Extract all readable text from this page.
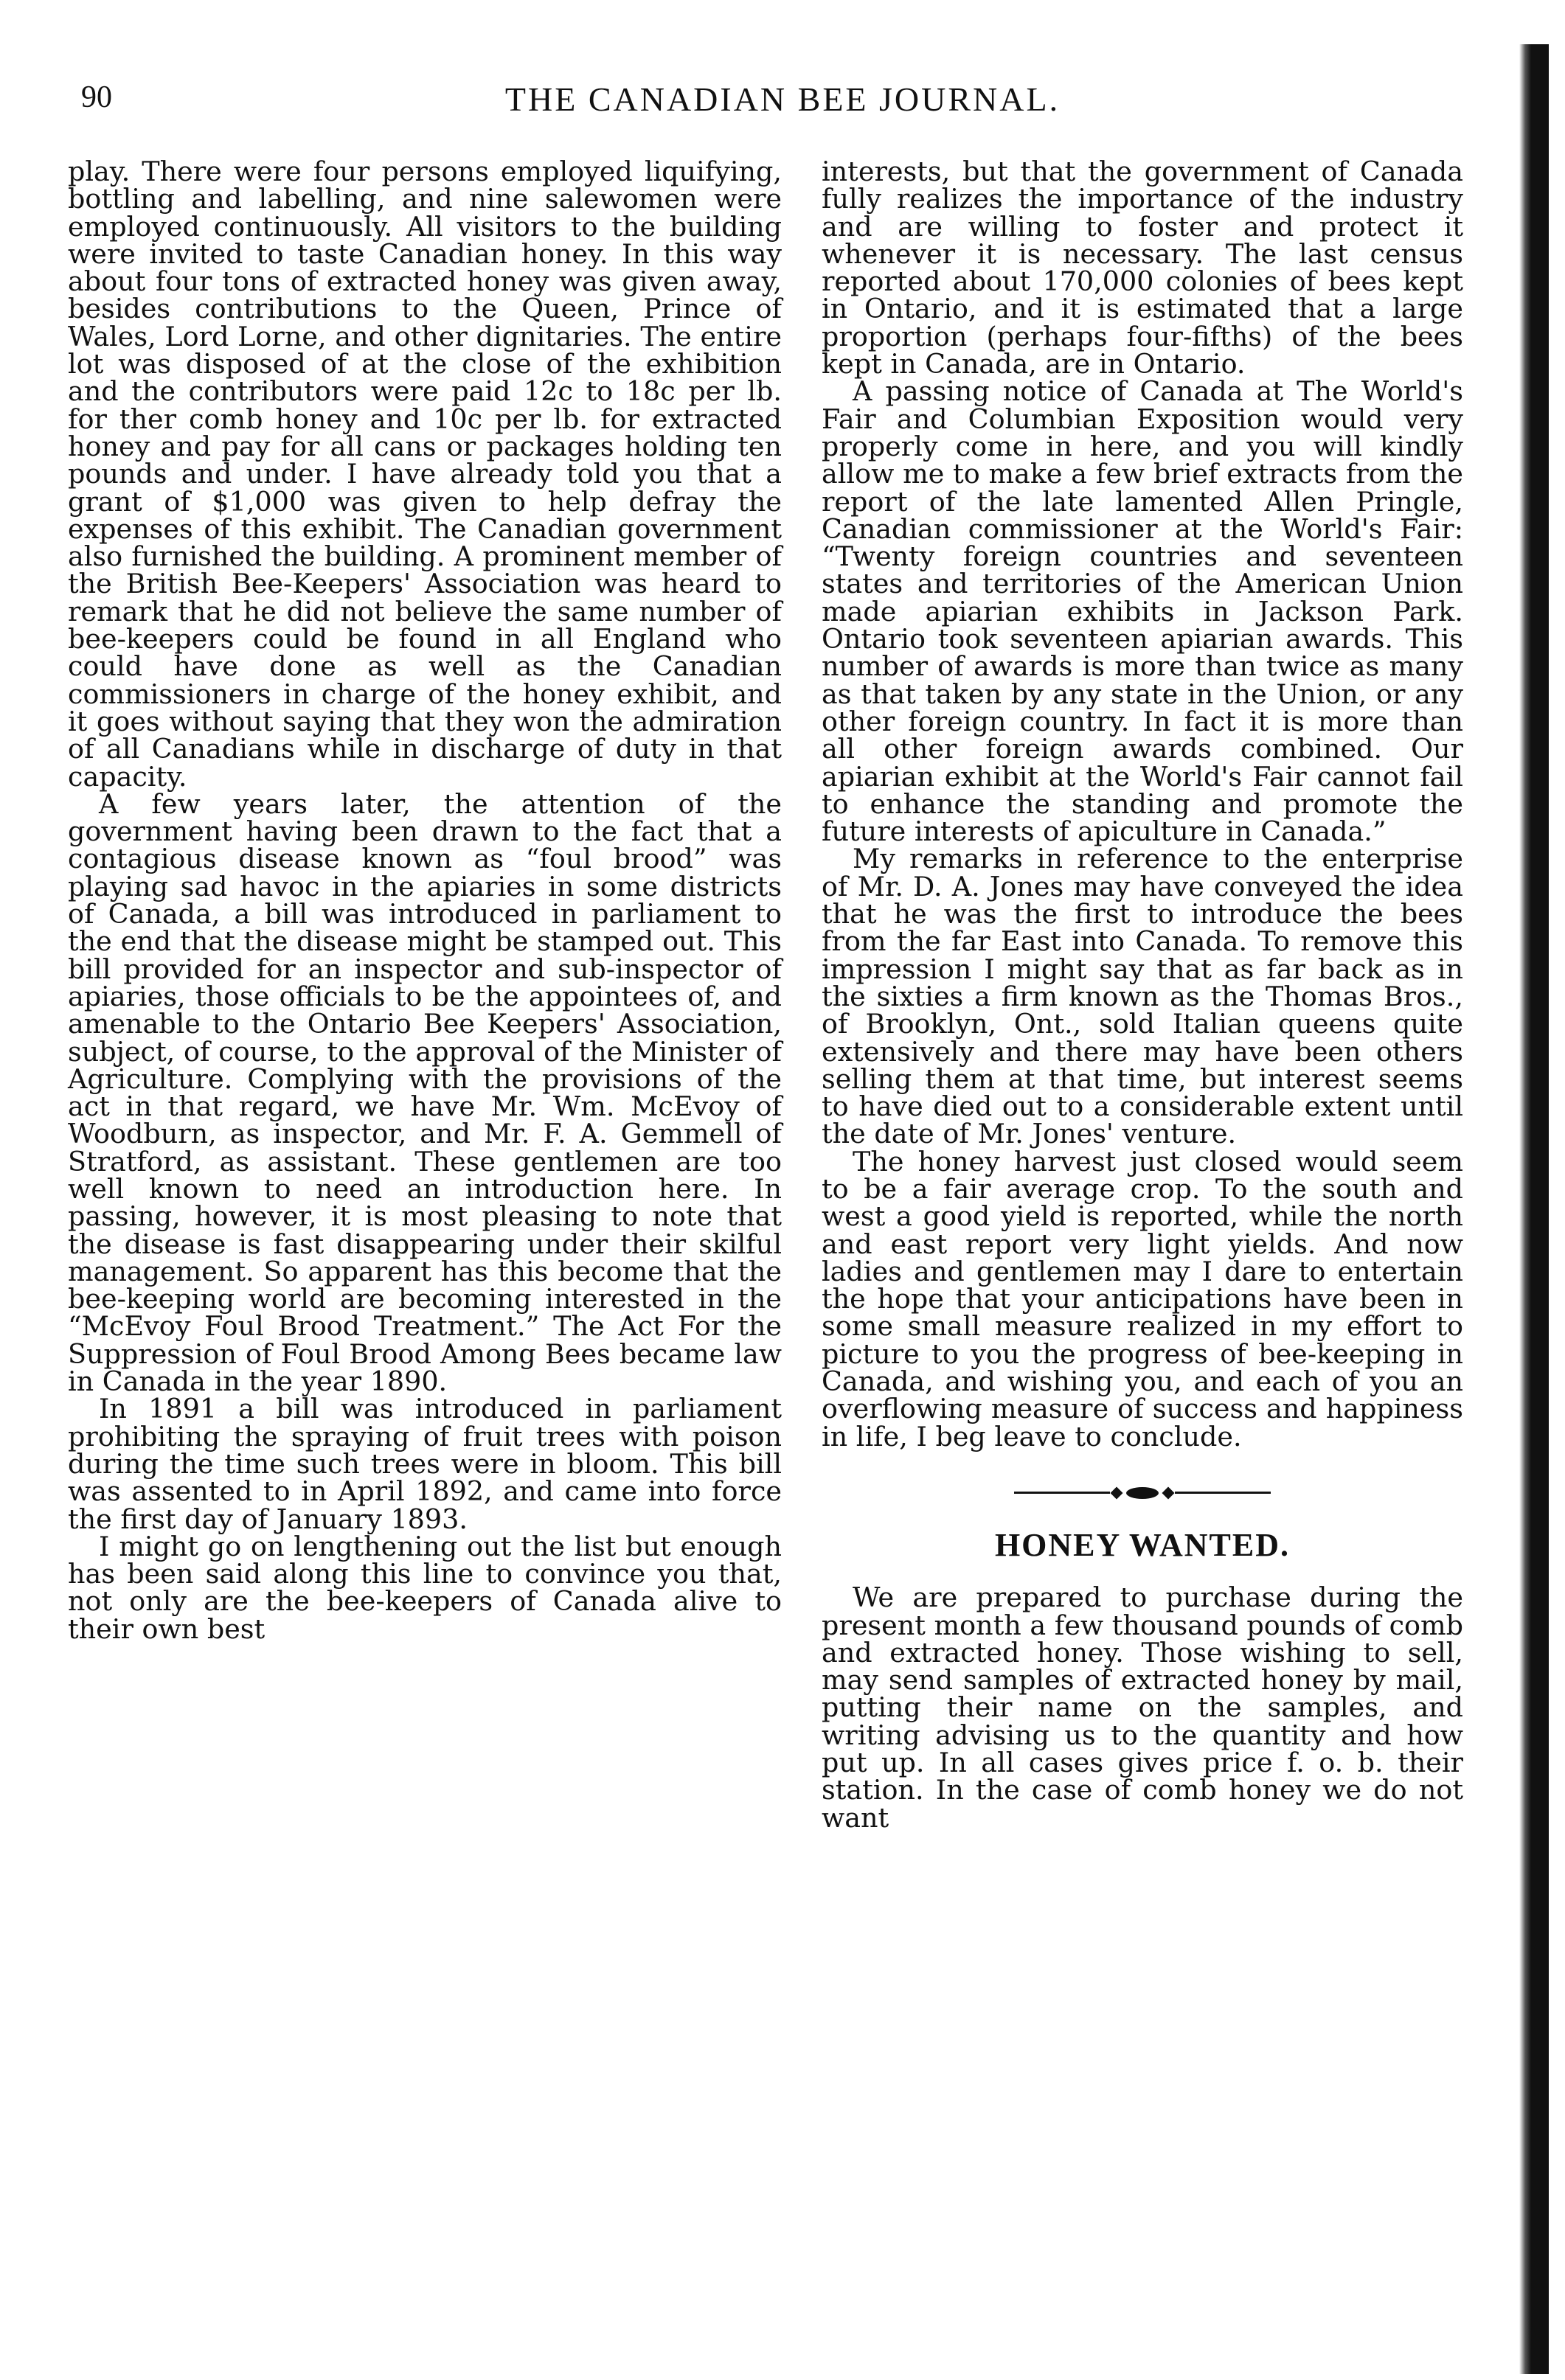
90	THE CANADIAN BEE JOURNAL.

play. There were four persons employed liquifying, bottling and labelling, and nine salewomen were employed continuously. All visitors to the building were invited to taste Canadian honey. In this way about four tons of extracted honey was given away, besides contributions to the Queen, Prince of Wales, Lord Lorne, and other dignitaries. The entire lot was disposed of at the close of the exhibition and the contributors were paid 12c to 18c per lb. for ther comb honey and 10c per lb. for extracted honey and pay for all cans or packages holding ten pounds and under. I have already told you that a grant of $1,000 was given to help defray the expenses of this exhibit. The Canadian government also furnished the building. A prominent member of the British Bee-Keepers' Association was heard to remark that he did not believe the same number of bee-keepers could be found in all England who could have done as well as the Canadian commissioners in charge of the honey exhibit, and it goes without saying that they won the admiration of all Canadians while in discharge of duty in that capacity.

A few years later, the attention of the government having been drawn to the fact that a contagious disease known as “foul brood” was playing sad havoc in the apiaries in some districts of Canada, a bill was introduced in parliament to the end that the disease might be stamped out. This bill provided for an inspector and sub-inspector of apiaries, those officials to be the appointees of, and amenable to the Ontario Bee Keepers' Association, subject, of course, to the approval of the Minister of Agriculture. Complying with the provisions of the act in that regard, we have Mr. Wm. McEvoy of Woodburn, as inspector, and Mr. F. A. Gemmell of Stratford, as assistant. These gentlemen are too well known to need an introduction here. In passing, however, it is most pleasing to note that the disease is fast disappearing under their skilful management. So apparent has this become that the bee-keeping world are becoming interested in the “McEvoy Foul Brood Treatment.” The Act For the Suppression of Foul Brood Among Bees became law in Canada in the year 1890.

In 1891 a bill was introduced in parliament prohibiting the spraying of fruit trees with poison during the time such trees were in bloom. This bill was assented to in April 1892, and came into force the first day of January 1893.

I might go on lengthening out the list but enough has been said along this line to convince you that, not only are the bee-keepers of Canada alive to their own best

interests, but that the government of Canada fully realizes the importance of the industry and are willing to foster and protect it whenever it is necessary. The last census reported about 170,000 colonies of bees kept in Ontario, and it is estimated that a large proportion (perhaps four-fifths) of the bees kept in Canada, are in Ontario.

A passing notice of Canada at The World's Fair and Columbian Exposition would very properly come in here, and you will kindly allow me to make a few brief extracts from the report of the late lamented Allen Pringle, Canadian commissioner at the World's Fair: “Twenty foreign countries and seventeen states and territories of the American Union made apiarian exhibits in Jackson Park. Ontario took seventeen apiarian awards. This number of awards is more than twice as many as that taken by any state in the Union, or any other foreign country. In fact it is more than all other foreign awards combined. Our apiarian exhibit at the World's Fair cannot fail to enhance the standing and promote the future interests of apiculture in Canada.”

My remarks in reference to the enterprise of Mr. D. A. Jones may have conveyed the idea that he was the first to introduce the bees from the far East into Canada. To remove this impression I might say that as far back as in the sixties a firm known as the Thomas Bros., of Brooklyn, Ont., sold Italian queens quite extensively and there may have been others selling them at that time, but interest seems to have died out to a considerable extent until the date of Mr. Jones' venture.

The honey harvest just closed would seem to be a fair average crop. To the south and west a good yield is reported, while the north and east report very light yields. And now ladies and gentlemen may I dare to entertain the hope that your anticipations have been in some small measure realized in my effort to picture to you the progress of bee-keeping in Canada, and wishing you, and each of you an overflowing measure of success and happiness in life, I beg leave to conclude.

HONEY WANTED.

We are prepared to purchase during the present month a few thousand pounds of comb and extracted honey. Those wishing to sell, may send samples of extracted honey by mail, putting their name on the samples, and writing advising us to the quantity and how put up. In all cases gives price f. o. b. their station. In the case of comb honey we do not want
